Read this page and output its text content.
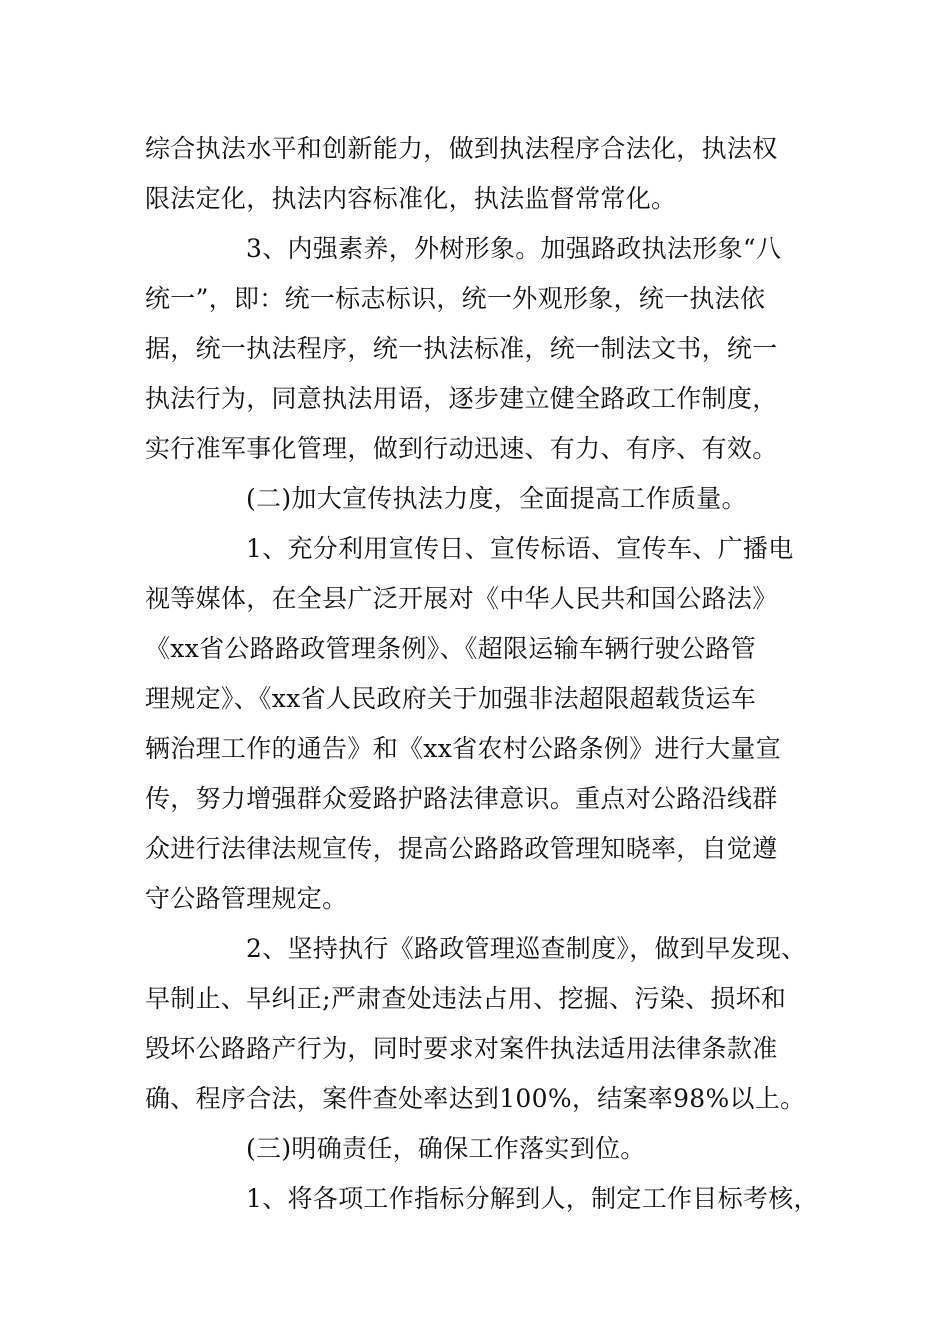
综合执法水平和创新能力，做到执法程序合法化，执法权
限法定化，执法内容标准化，执法监督常常化。
3、内强素养，外树形象。加强路政执法形象“八
统一”，即：统一标志标识，统一外观形象，统一执法依
据，统一执法程序，统一执法标准，统一制法文书，统一
执法行为，同意执法用语，逐步建立健全路政工作制度，
实行准军事化管理，做到行动迅速、有力、有序、有效。
(二)加大宣传执法力度，全面提高工作质量。
1、充分利用宣传日、宣传标语、宣传车、广播电
视等媒体，在全县广泛开展对《中华人民共和国公路法》
《xx省公路路政管理条例》、《超限运输车辆行驶公路管
理规定》、《xx省人民政府关于加强非法超限超载货运车
辆治理工作的通告》和《xx省农村公路条例》进行大量宣
传，努力增强群众爱路护路法律意识。重点对公路沿线群
众进行法律法规宣传，提高公路路政管理知晓率，自觉遵
守公路管理规定。
2、坚持执行《路政管理巡查制度》，做到早发现、
早制止、早纠正;严肃查处违法占用、挖掘、污染、损坏和
毁坏公路路产行为，同时要求对案件执法适用法律条款准
确、程序合法，案件查处率达到100%，结案率98%以上。
(三)明确责任，确保工作落实到位。
1、将各项工作指标分解到人，制定工作目标考核，
